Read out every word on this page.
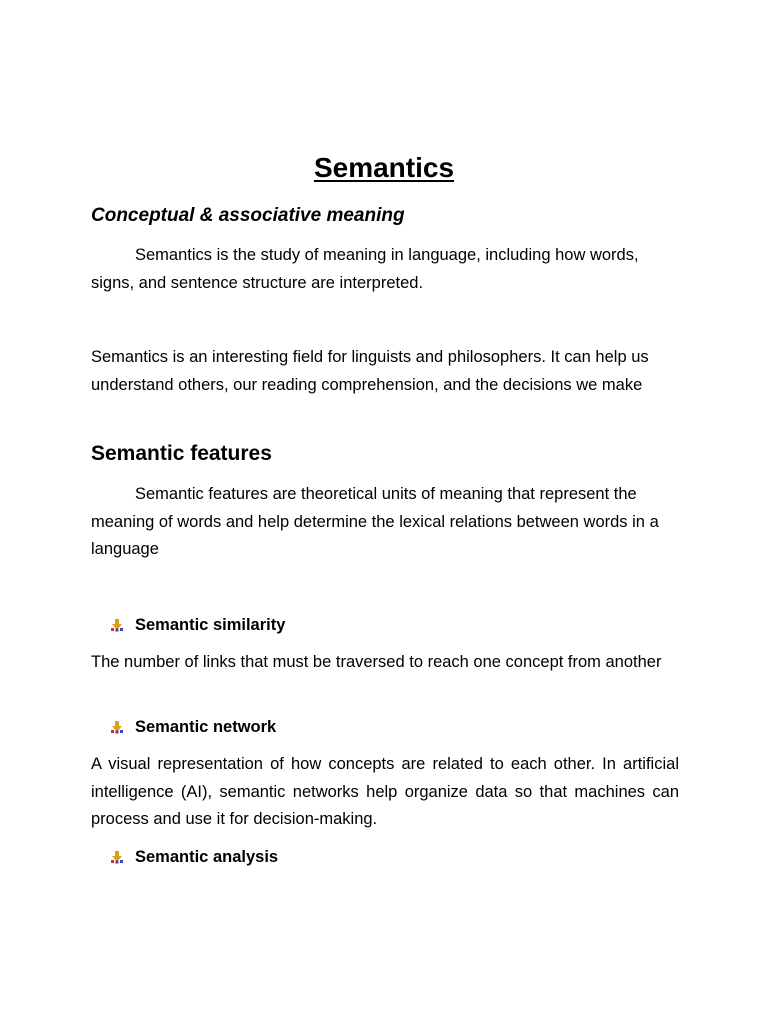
Semantics
Conceptual & associative meaning

Semantics is the study of meaning in language, including how words, signs, and sentence structure are interpreted.

Semantics is an interesting field for linguists and philosophers. It can help us understand others, our reading comprehension, and the decisions we make

Semantic features

Semantic features are theoretical units of meaning that represent the meaning of words and help determine the lexical relations between words in a language

Semantic similarity

The number of links that must be traversed to reach one concept from another

Semantic network

A visual representation of how concepts are related to each other. In artificial intelligence (AI), semantic networks help organize data so that machines can process and use it for decision-making.

Semantic analysis
